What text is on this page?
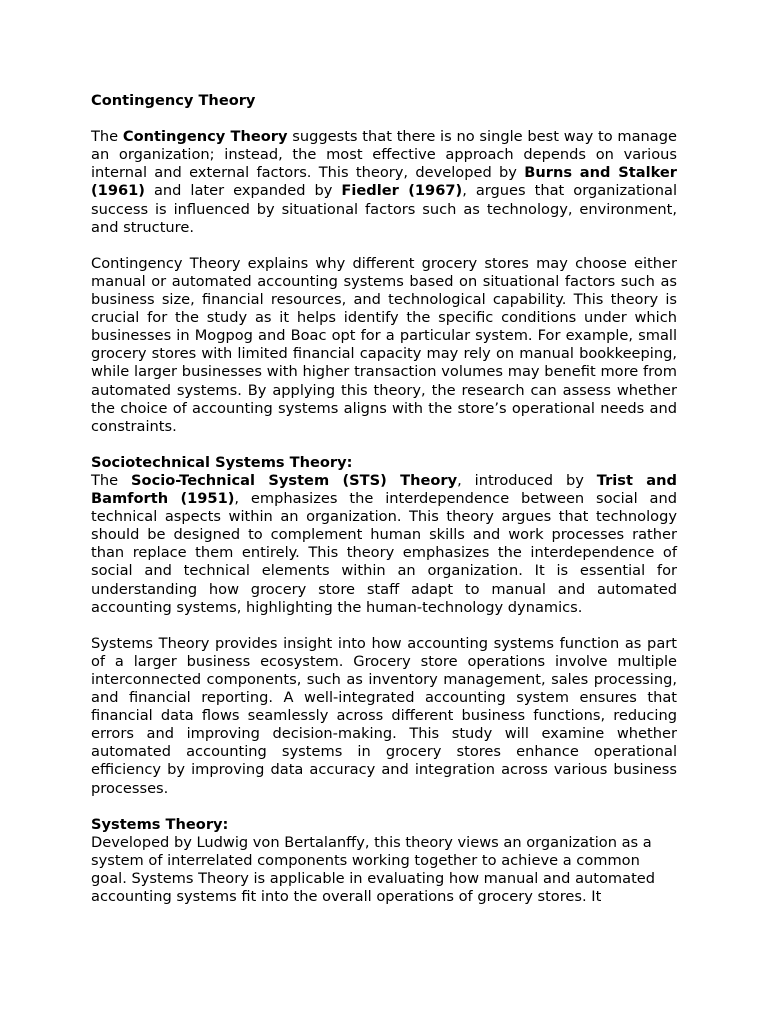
Contingency Theory

The Contingency Theory suggests that there is no single best way to manage an organization; instead, the most effective approach depends on various internal and external factors. This theory, developed by Burns and Stalker (1961) and later expanded by Fiedler (1967), argues that organizational success is influenced by situational factors such as technology, environment, and structure.

Contingency Theory explains why different grocery stores may choose either manual or automated accounting systems based on situational factors such as business size, financial resources, and technological capability. This theory is crucial for the study as it helps identify the specific conditions under which businesses in Mogpog and Boac opt for a particular system. For example, small grocery stores with limited financial capacity may rely on manual bookkeeping, while larger businesses with higher transaction volumes may benefit more from automated systems. By applying this theory, the research can assess whether the choice of accounting systems aligns with the store’s operational needs and constraints.

Sociotechnical Systems Theory:

The Socio-Technical System (STS) Theory, introduced by Trist and Bamforth (1951), emphasizes the interdependence between social and technical aspects within an organization. This theory argues that technology should be designed to complement human skills and work processes rather than replace them entirely. This theory emphasizes the interdependence of social and technical elements within an organization. It is essential for understanding how grocery store staff adapt to manual and automated accounting systems, highlighting the human-technology dynamics.

Systems Theory provides insight into how accounting systems function as part of a larger business ecosystem. Grocery store operations involve multiple interconnected components, such as inventory management, sales processing, and financial reporting. A well-integrated accounting system ensures that financial data flows seamlessly across different business functions, reducing errors and improving decision-making. This study will examine whether automated accounting systems in grocery stores enhance operational efficiency by improving data accuracy and integration across various business processes.

Systems Theory:

Developed by Ludwig von Bertalanffy, this theory views an organization as a system of interrelated components working together to achieve a common goal. Systems Theory is applicable in evaluating how manual and automated accounting systems fit into the overall operations of grocery stores. It
